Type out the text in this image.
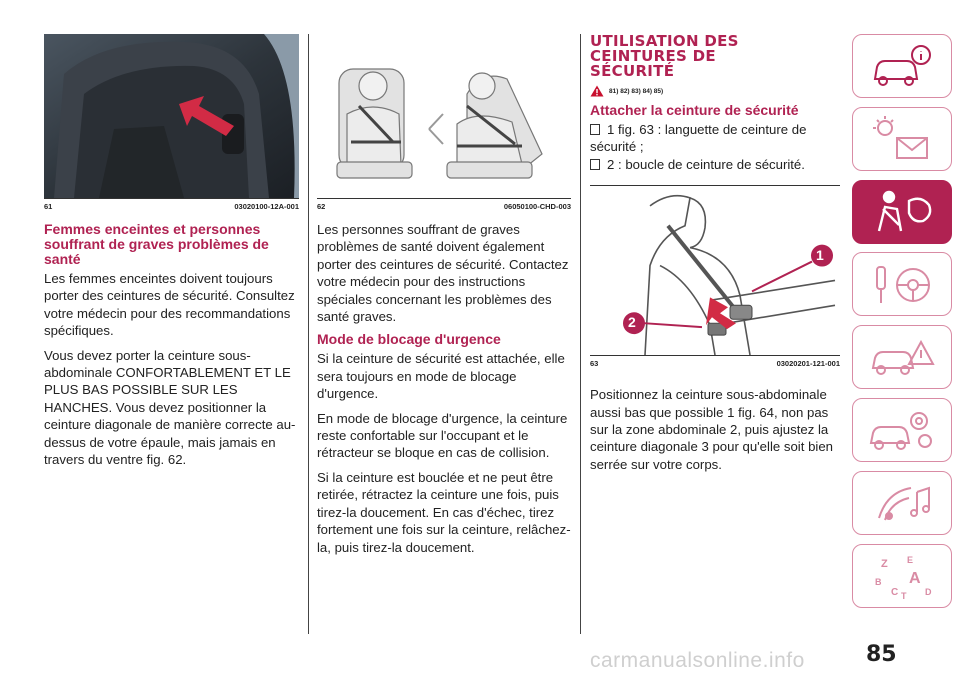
61	03020100-12A-001
Femmes enceintes et personnes souffrant de graves problèmes de santé

Les femmes enceintes doivent toujours porter des ceintures de sécurité. Consultez votre médecin pour des recommandations spécifiques.

Vous devez porter la ceinture sous-abdominale CONFORTABLEMENT ET LE PLUS BAS POSSIBLE SUR LES HANCHES. Vous devez positionner la ceinture diagonale de manière correcte au-dessus de votre épaule, mais jamais en travers du ventre fig. 62.

62	06050100-CHD-003

Les personnes souffrant de graves problèmes de santé doivent également porter des ceintures de sécurité. Contactez votre médecin pour des instructions spéciales concernant les problèmes des santé graves.

Mode de blocage d'urgence

Si la ceinture de sécurité est attachée, elle sera toujours en mode de blocage d'urgence.

En mode de blocage d'urgence, la ceinture reste confortable sur l'occupant et le rétracteur se bloque en cas de collision.

Si la ceinture est bouclée et ne peut être retirée, rétractez la ceinture une fois, puis tirez-la doucement. En cas d'échec, tirez fortement une fois sur la ceinture, relâchez-la, puis tirez-la doucement.

UTILISATION DES
CEINTURES DE
SÉCURITÉ
81) 82) 83) 84) 85)
Attacher la ceinture de sécurité
1 fig. 63 : languette de ceinture de
sécurité ;
2 : boucle de ceinture de sécurité.
1
2
63	03020201-121-001

Positionnez la ceinture sous-abdominale aussi bas que possible 1 fig. 64, non pas sur la zone abdominale 2, puis ajustez la ceinture diagonale 3 pour qu'elle soit bien serrée sur votre corps.

Z E
A
B
C T D
85
carmanualsonline.info
